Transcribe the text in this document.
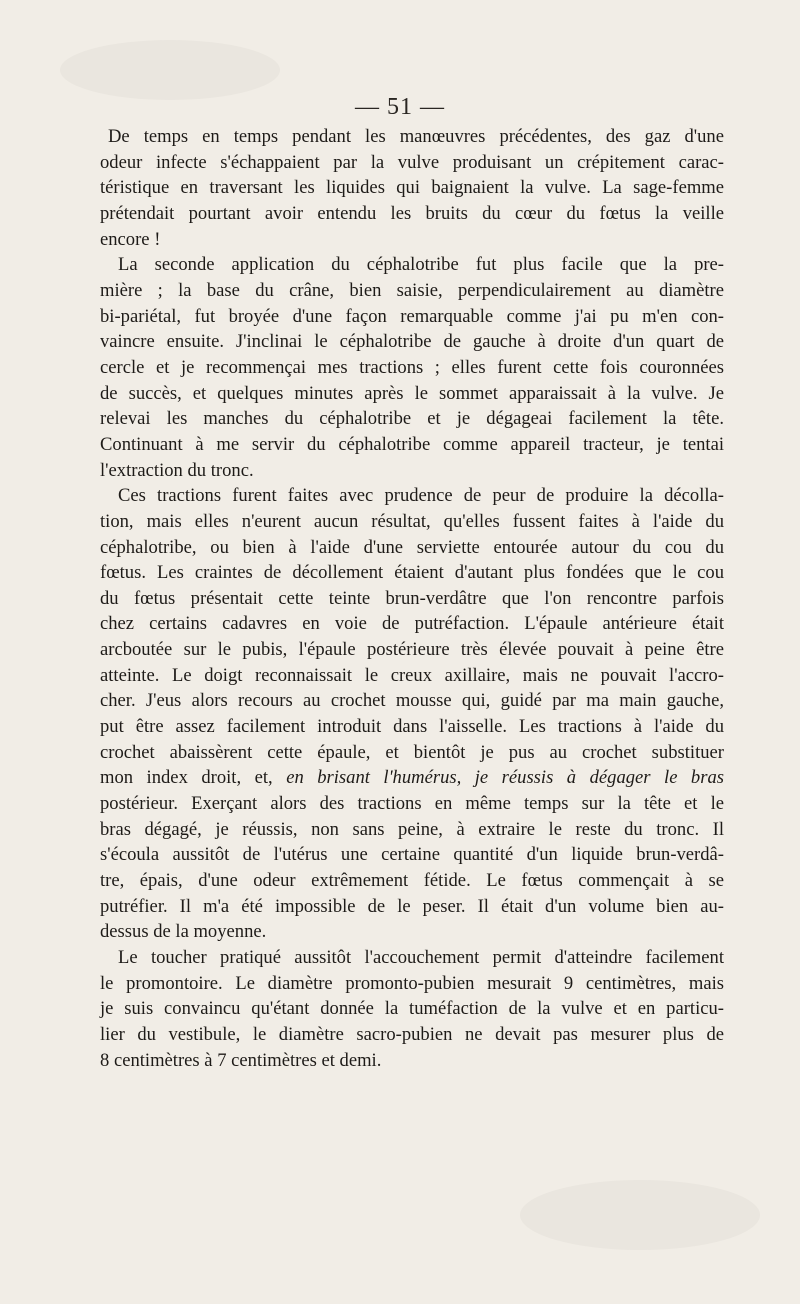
— 51 —

De temps en temps pendant les manœuvres précédentes, des gaz d'une
odeur infecte s'échappaient par la vulve produisant un crépitement carac-
téristique en traversant les liquides qui baignaient la vulve. La sage-femme
prétendait pourtant avoir entendu les bruits du cœur du fœtus la veille
encore !

La seconde application du céphalotribe fut plus facile que la pre-
mière ; la base du crâne, bien saisie, perpendiculairement au diamètre
bi-pariétal, fut broyée d'une façon remarquable comme j'ai pu m'en con-
vaincre ensuite. J'inclinai le céphalotribe de gauche à droite d'un quart de
cercle et je recommençai mes tractions ; elles furent cette fois couronnées
de succès, et quelques minutes après le sommet apparaissait à la vulve. Je
relevai les manches du céphalotribe et je dégageai facilement la tête.
Continuant à me servir du céphalotribe comme appareil tracteur, je tentai
l'extraction du tronc.

Ces tractions furent faites avec prudence de peur de produire la décolla-
tion, mais elles n'eurent aucun résultat, qu'elles fussent faites à l'aide du
céphalotribe, ou bien à l'aide d'une serviette entourée autour du cou du
fœtus. Les craintes de décollement étaient d'autant plus fondées que le cou
du fœtus présentait cette teinte brun-verdâtre que l'on rencontre parfois
chez certains cadavres en voie de putréfaction. L'épaule antérieure était
arcboutée sur le pubis, l'épaule postérieure très élevée pouvait à peine être
atteinte. Le doigt reconnaissait le creux axillaire, mais ne pouvait l'accro-
cher. J'eus alors recours au crochet mousse qui, guidé par ma main gauche,
put être assez facilement introduit dans l'aisselle. Les tractions à l'aide du
crochet abaissèrent cette épaule, et bientôt je pus au crochet substituer
mon index droit, et, en brisant l'humérus, je réussis à dégager le bras
postérieur. Exerçant alors des tractions en même temps sur la tête et le
bras dégagé, je réussis, non sans peine, à extraire le reste du tronc. Il
s'écoula aussitôt de l'utérus une certaine quantité d'un liquide brun-verdâ-
tre, épais, d'une odeur extrêmement fétide. Le fœtus commençait à se
putréfier. Il m'a été impossible de le peser. Il était d'un volume bien au-
dessus de la moyenne.

Le toucher pratiqué aussitôt l'accouchement permit d'atteindre facilement
le promontoire. Le diamètre promonto-pubien mesurait 9 centimètres, mais
je suis convaincu qu'étant donnée la tuméfaction de la vulve et en particu-
lier du vestibule, le diamètre sacro-pubien ne devait pas mesurer plus de
8 centimètres à 7 centimètres et demi.
